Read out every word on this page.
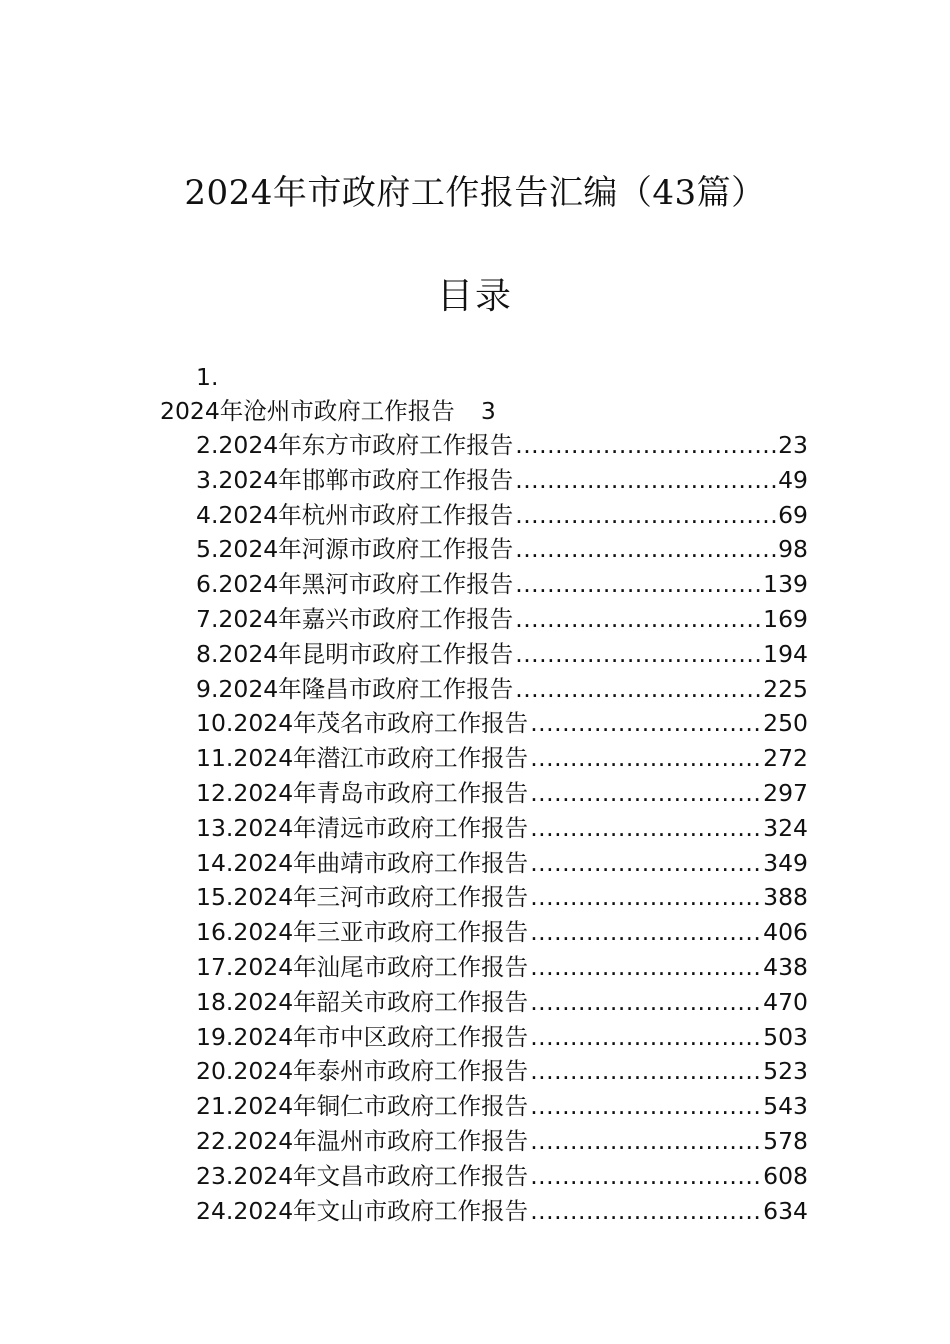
2024年市政府工作报告汇编（43篇）
目录
1.
2024年沧州市政府工作报告 3
2.2024年东方市政府工作报告 .....	23
3.2024年邯郸市政府工作报告 .....	49
4.2024年杭州市政府工作报告 .....	69
5.2024年河源市政府工作报告 .....	98
6.2024年黑河市政府工作报告 .....	139
7.2024年嘉兴市政府工作报告 .....	169
8.2024年昆明市政府工作报告 .....	194
9.2024年隆昌市政府工作报告 .....	225
10.2024年茂名市政府工作报告 .....	250
11.2024年潜江市政府工作报告 .....	272
12.2024年青岛市政府工作报告 .....	297
13.2024年清远市政府工作报告 .....	324
14.2024年曲靖市政府工作报告 .....	349
15.2024年三河市政府工作报告 .....	388
16.2024年三亚市政府工作报告 .....	406
17.2024年汕尾市政府工作报告 .....	438
18.2024年韶关市政府工作报告 .....	470
19.2024年市中区政府工作报告 .....	503
20.2024年泰州市政府工作报告 .....	523
21.2024年铜仁市政府工作报告 .....	543
22.2024年温州市政府工作报告 .....	578
23.2024年文昌市政府工作报告 .....	608
24.2024年文山市政府工作报告 .....	634
